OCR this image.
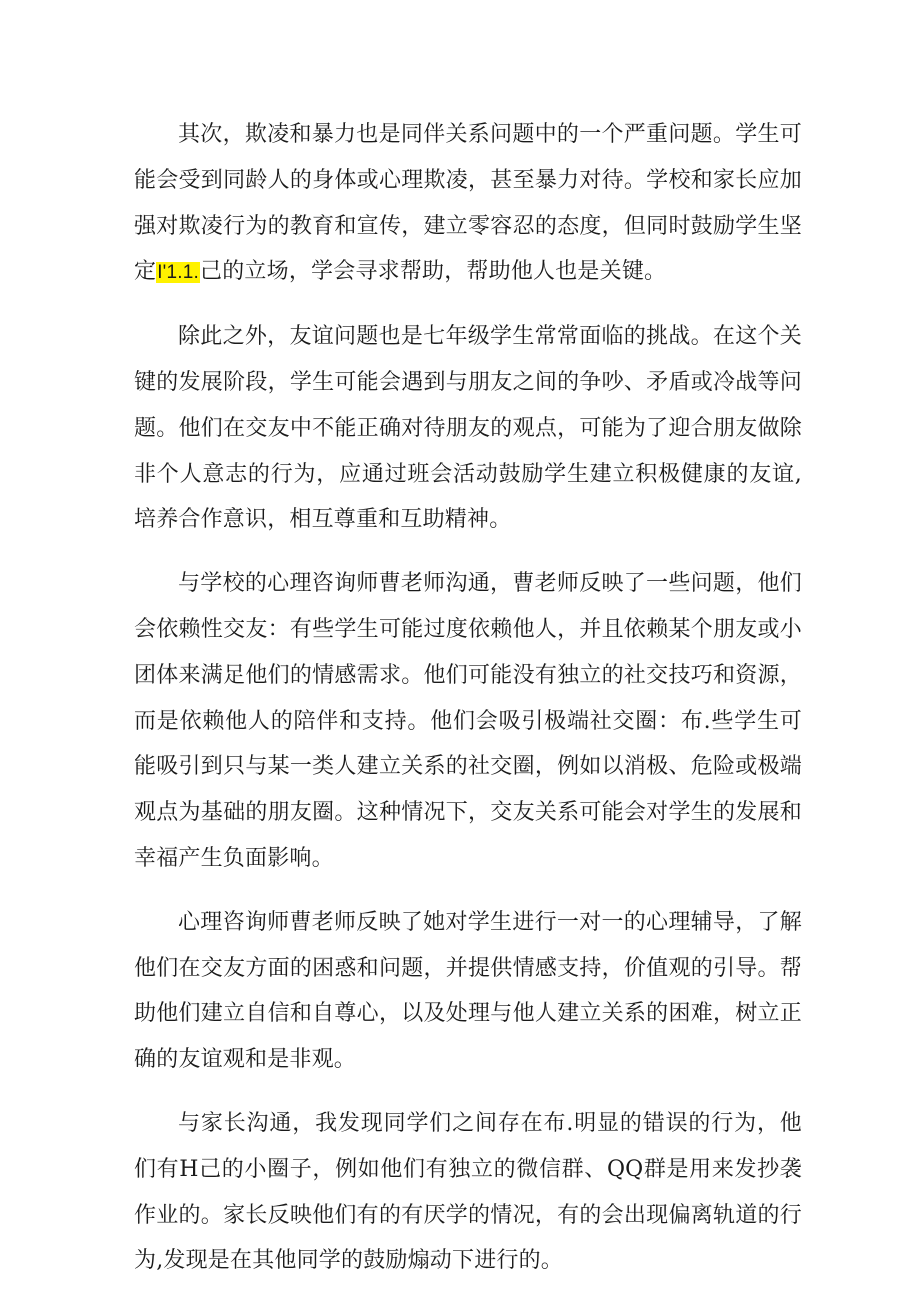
其次，欺凌和暴力也是同伴关系问题中的一个严重问题。学生可能会受到同龄人的身体或心理欺凌，甚至暴力对待。学校和家长应加强对欺凌行为的教育和宣传，建立零容忍的态度，但同时鼓励学生坚定I'1.1.己的立场，学会寻求帮助，帮助他人也是关键。

除此之外，友谊问题也是七年级学生常常面临的挑战。在这个关键的发展阶段，学生可能会遇到与朋友之间的争吵、矛盾或冷战等问题。他们在交友中不能正确对待朋友的观点，可能为了迎合朋友做除非个人意志的行为，应通过班会活动鼓励学生建立积极健康的友谊,培养合作意识，相互尊重和互助精神。

与学校的心理咨询师曹老师沟通，曹老师反映了一些问题，他们会依赖性交友：有些学生可能过度依赖他人，并且依赖某个朋友或小团体来满足他们的情感需求。他们可能没有独立的社交技巧和资源，而是依赖他人的陪伴和支持。他们会吸引极端社交圈：布.些学生可能吸引到只与某一类人建立关系的社交圈，例如以消极、危险或极端观点为基础的朋友圈。这种情况下，交友关系可能会对学生的发展和幸福产生负面影响。

心理咨询师曹老师反映了她对学生进行一对一的心理辅导，了解他们在交友方面的困惑和问题，并提供情感支持，价值观的引导。帮助他们建立自信和自尊心，以及处理与他人建立关系的困难，树立正确的友谊观和是非观。

与家长沟通，我发现同学们之间存在布.明显的错误的行为，他们有H己的小圈子，例如他们有独立的微信群、QQ群是用来发抄袭作业的。家长反映他们有的有厌学的情况，有的会出现偏离轨道的行为,发现是在其他同学的鼓励煽动下进行的。
